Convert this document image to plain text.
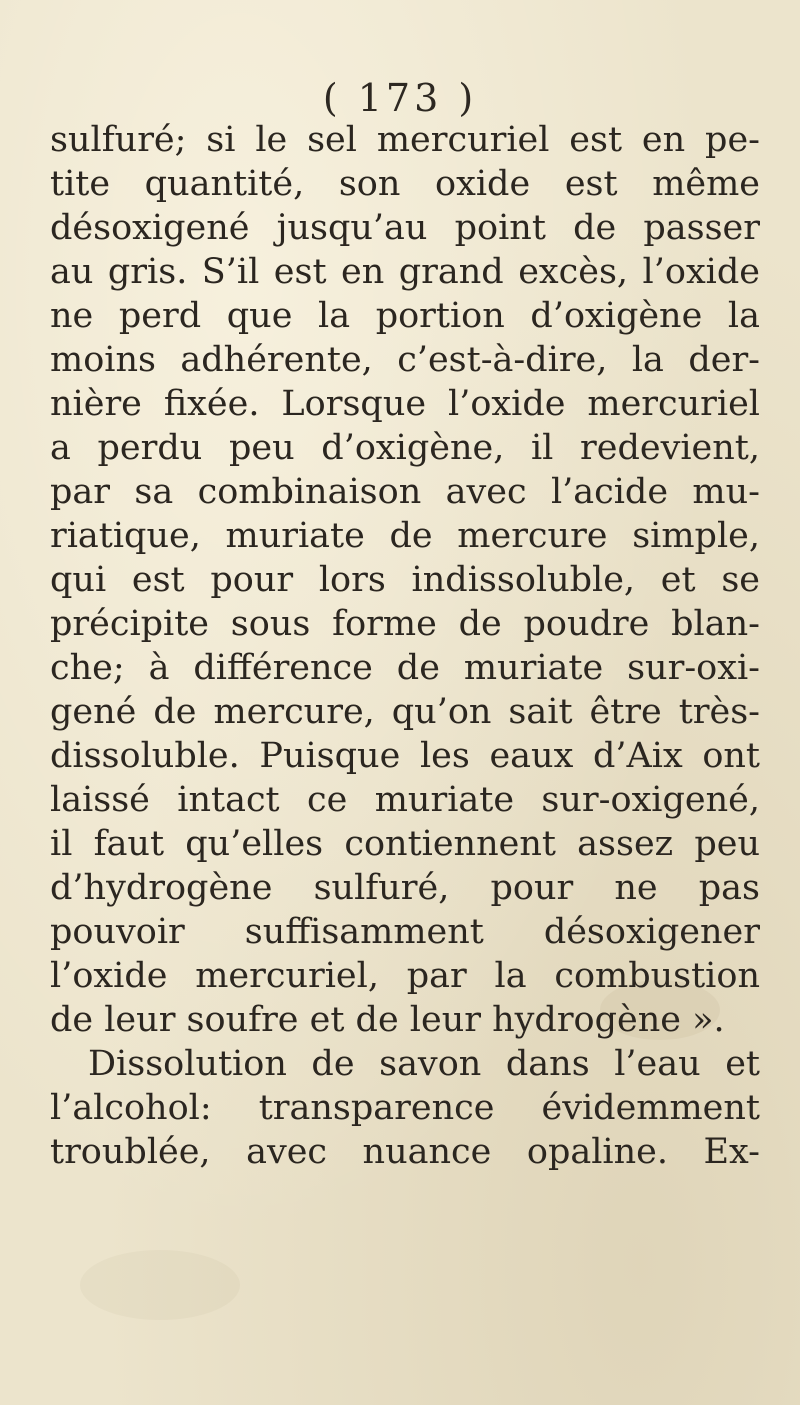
( 173 )
sulfuré; si le sel mercuriel est en pe-
tite quantité, son oxide est même
désoxigené jusqu’au point de passer
au gris. S’il est en grand excès, l’oxide
ne perd que la portion d’oxigène la
moins adhérente, c’est-à-dire, la der-
nière fixée. Lorsque l’oxide mercuriel
a perdu peu d’oxigène, il redevient,
par sa combinaison avec l’acide mu-
riatique, muriate de mercure simple,
qui est pour lors indissoluble, et se
précipite sous forme de poudre blan-
che; à différence de muriate sur-oxi-
gené de mercure, qu’on sait être très-
dissoluble. Puisque les eaux d’Aix ont
laissé intact ce muriate sur-oxigené,
il faut qu’elles contiennent assez peu
d’hydrogène sulfuré, pour ne pas
pouvoir suffisamment désoxigener
l’oxide mercuriel, par la combustion
de leur soufre et de leur hydrogène ».
Dissolution de savon dans l’eau et
l’alcohol: transparence évidemment
troublée, avec nuance opaline. Ex-
